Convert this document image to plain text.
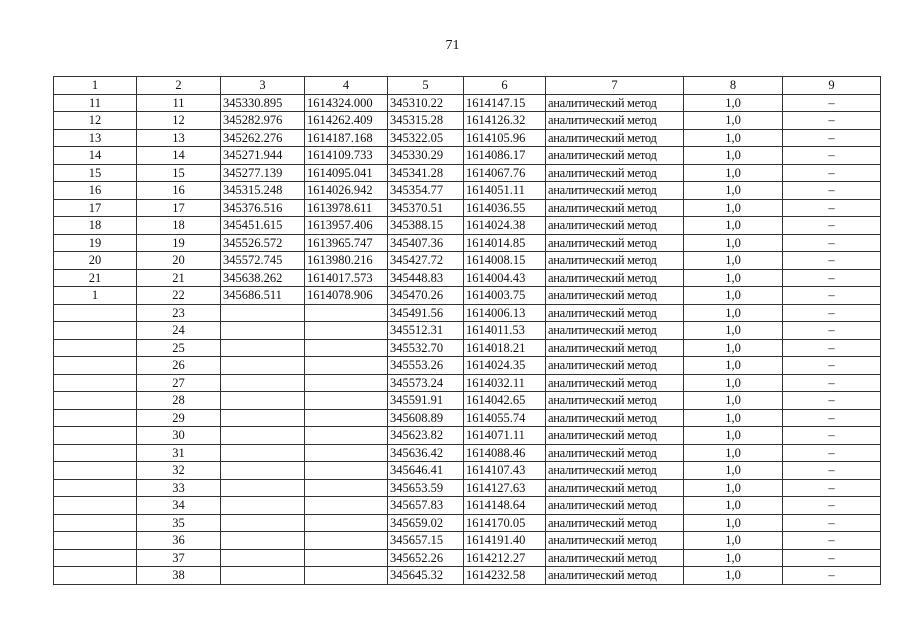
71
1	2	3	4	5	6	7	8	9
11	11	345330.895	1614324.000	345310.22	1614147.15	аналитический метод	1,0	–
12	12	345282.976	1614262.409	345315.28	1614126.32	аналитический метод	1,0	–
13	13	345262.276	1614187.168	345322.05	1614105.96	аналитический метод	1,0	–
14	14	345271.944	1614109.733	345330.29	1614086.17	аналитический метод	1,0	–
15	15	345277.139	1614095.041	345341.28	1614067.76	аналитический метод	1,0	–
16	16	345315.248	1614026.942	345354.77	1614051.11	аналитический метод	1,0	–
17	17	345376.516	1613978.611	345370.51	1614036.55	аналитический метод	1,0	–
18	18	345451.615	1613957.406	345388.15	1614024.38	аналитический метод	1,0	–
19	19	345526.572	1613965.747	345407.36	1614014.85	аналитический метод	1,0	–
20	20	345572.745	1613980.216	345427.72	1614008.15	аналитический метод	1,0	–
21	21	345638.262	1614017.573	345448.83	1614004.43	аналитический метод	1,0	–
1	22	345686.511	1614078.906	345470.26	1614003.75	аналитический метод	1,0	–
	23			345491.56	1614006.13	аналитический метод	1,0	–
	24			345512.31	1614011.53	аналитический метод	1,0	–
	25			345532.70	1614018.21	аналитический метод	1,0	–
	26			345553.26	1614024.35	аналитический метод	1,0	–
	27			345573.24	1614032.11	аналитический метод	1,0	–
	28			345591.91	1614042.65	аналитический метод	1,0	–
	29			345608.89	1614055.74	аналитический метод	1,0	–
	30			345623.82	1614071.11	аналитический метод	1,0	–
	31			345636.42	1614088.46	аналитический метод	1,0	–
	32			345646.41	1614107.43	аналитический метод	1,0	–
	33			345653.59	1614127.63	аналитический метод	1,0	–
	34			345657.83	1614148.64	аналитический метод	1,0	–
	35			345659.02	1614170.05	аналитический метод	1,0	–
	36			345657.15	1614191.40	аналитический метод	1,0	–
	37			345652.26	1614212.27	аналитический метод	1,0	–
	38			345645.32	1614232.58	аналитический метод	1,0	–
